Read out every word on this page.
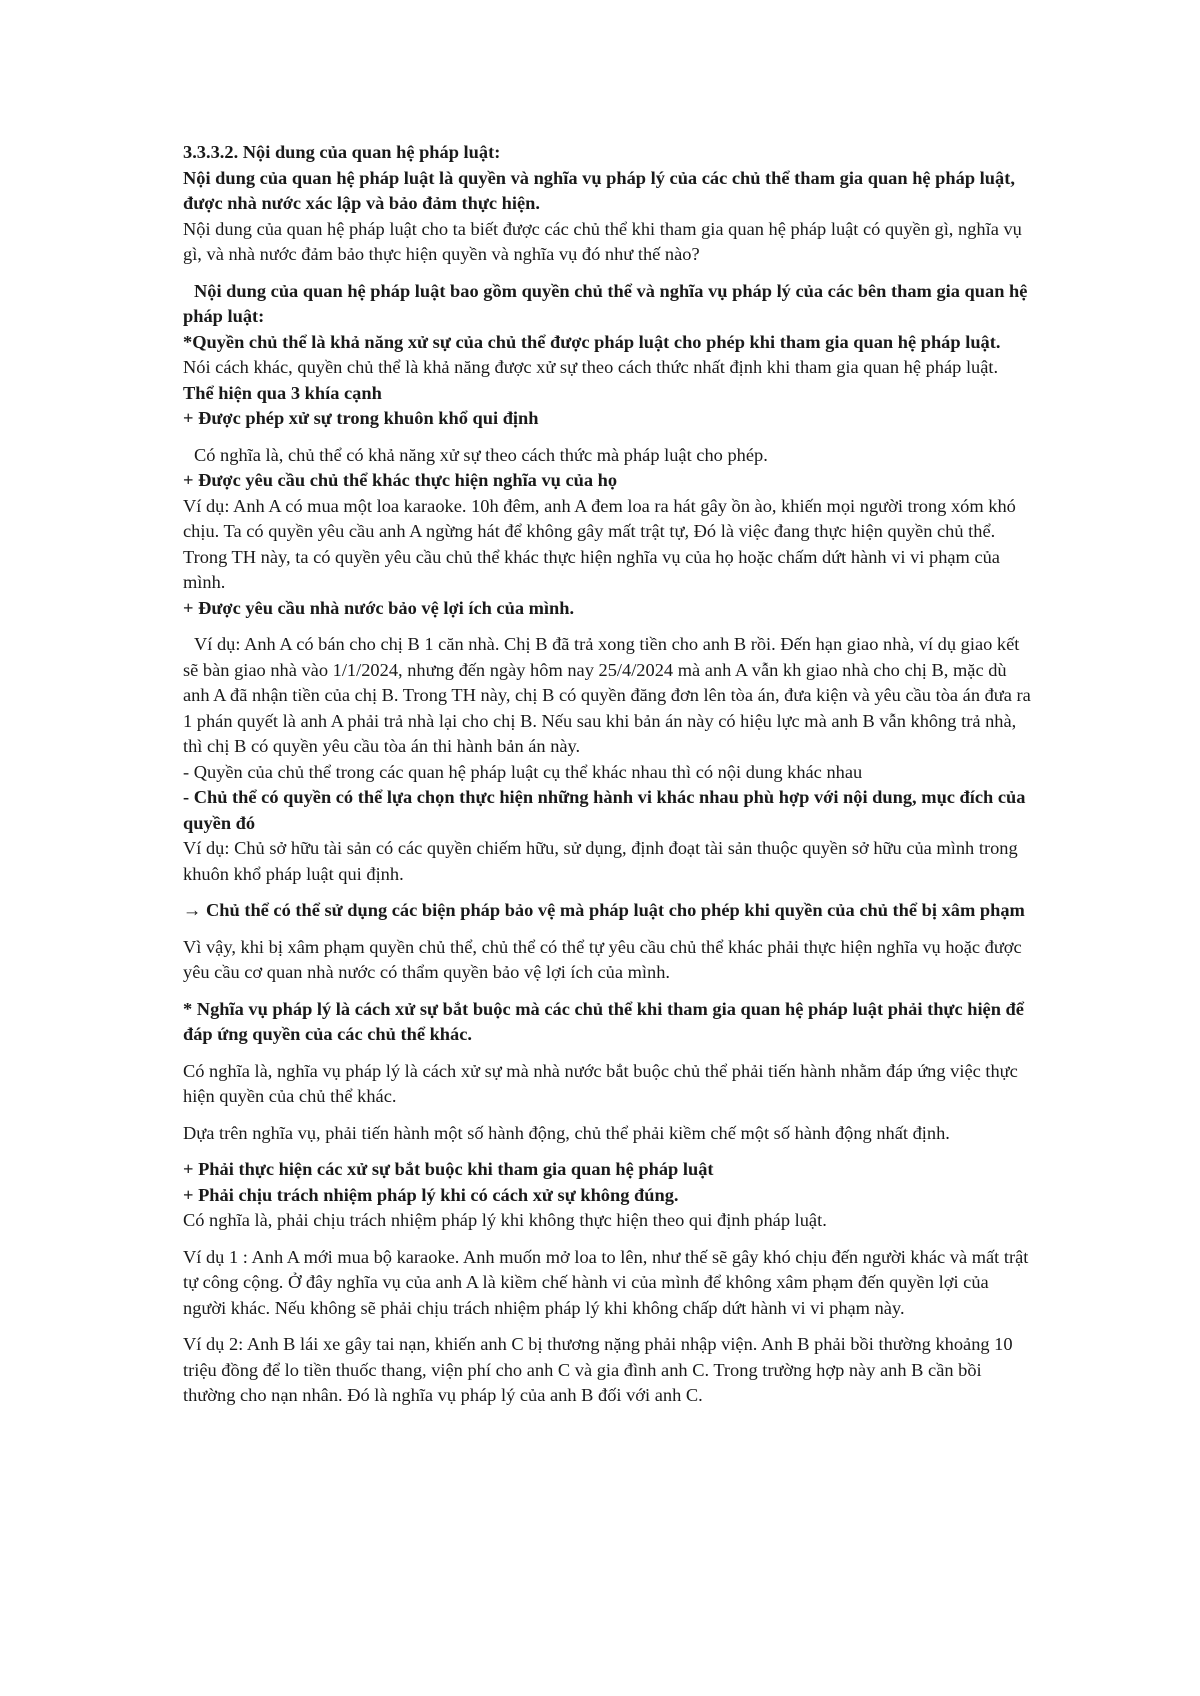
3.3.3.2. Nội dung của quan hệ pháp luật:

Nội dung của quan hệ pháp luật là quyền và nghĩa vụ pháp lý của các chủ thể tham gia quan hệ pháp luật, được nhà nước xác lập và bảo đảm thực hiện.

Nội dung của quan hệ pháp luật cho ta biết được các chủ thể khi tham gia quan hệ pháp luật có quyền gì, nghĩa vụ gì, và nhà nước đảm bảo thực hiện quyền và nghĩa vụ đó như thế nào?

Nội dung của quan hệ pháp luật bao gồm quyền chủ thể và nghĩa vụ pháp lý của các bên tham gia quan hệ pháp luật:

*Quyền chủ thể là khả năng xử sự của chủ thể được pháp luật cho phép khi tham gia quan hệ pháp luật.

Nói cách khác, quyền chủ thể là khả năng được xử sự theo cách thức nhất định khi tham gia quan hệ pháp luật.

Thể hiện qua 3 khía cạnh

+ Được phép xử sự trong khuôn khổ qui định

Có nghĩa là, chủ thể có khả năng xử sự theo cách thức mà pháp luật cho phép.

+ Được yêu cầu chủ thể khác thực hiện nghĩa vụ của họ

Ví dụ: Anh A có mua một loa karaoke. 10h đêm, anh A đem loa ra hát gây ồn ào, khiến mọi người trong xóm khó chịu. Ta có quyền yêu cầu anh A ngừng hát để không gây mất trật tự, Đó là việc đang thực hiện quyền chủ thể. Trong TH này, ta có quyền yêu cầu chủ thể khác thực hiện nghĩa vụ của họ hoặc chấm dứt hành vi vi phạm của mình.

+ Được yêu cầu nhà nước bảo vệ lợi ích của mình.

Ví dụ: Anh A có bán cho chị B 1 căn nhà. Chị B đã trả xong tiền cho anh B rồi. Đến hạn giao nhà, ví dụ giao kết sẽ bàn giao nhà vào 1/1/2024, nhưng đến ngày hôm nay 25/4/2024 mà anh A vẫn kh giao nhà cho chị B, mặc dù anh A đã nhận tiền của chị B. Trong TH này, chị B có quyền đăng đơn lên tòa án, đưa kiện và yêu cầu tòa án đưa ra 1 phán quyết là anh A phải trả nhà lại cho chị B. Nếu sau khi bản án này có hiệu lực mà anh B vẫn không trả nhà, thì chị B có quyền yêu cầu tòa án thi hành bản án này.

- Quyền của chủ thể trong các quan hệ pháp luật cụ thể khác nhau thì có nội dung khác nhau

- Chủ thể có quyền có thể lựa chọn thực hiện những hành vi khác nhau phù hợp với nội dung, mục đích của quyền đó

Ví dụ: Chủ sở hữu tài sản có các quyền chiếm hữu, sử dụng, định đoạt tài sản thuộc quyền sở hữu của mình trong khuôn khổ pháp luật qui định.

→ Chủ thể có thể sử dụng các biện pháp bảo vệ mà pháp luật cho phép khi quyền của chủ thể bị xâm phạm

Vì vậy, khi bị xâm phạm quyền chủ thể, chủ thể có thể tự yêu cầu chủ thể khác phải thực hiện nghĩa vụ hoặc được yêu cầu cơ quan nhà nước có thẩm quyền bảo vệ lợi ích của mình.

* Nghĩa vụ pháp lý là cách xử sự bắt buộc mà các chủ thể khi tham gia quan hệ pháp luật phải thực hiện để đáp ứng quyền của các chủ thể khác.

Có nghĩa là, nghĩa vụ pháp lý là cách xử sự mà nhà nước bắt buộc chủ thể phải tiến hành nhằm đáp ứng việc thực hiện quyền của chủ thể khác.

Dựa trên nghĩa vụ, phải tiến hành một số hành động, chủ thể phải kiềm chế một số hành động nhất định.

+ Phải thực hiện các xử sự bắt buộc khi tham gia quan hệ pháp luật

+ Phải chịu trách nhiệm pháp lý khi có cách xử sự không đúng.

Có nghĩa là, phải chịu trách nhiệm pháp lý khi không thực hiện theo qui định pháp luật.

Ví dụ 1 : Anh A mới mua bộ karaoke. Anh muốn mở loa to lên, như thế sẽ gây khó chịu đến người khác và mất trật tự công cộng. Ở đây nghĩa vụ của anh A là kiềm chế hành vi của mình để không xâm phạm đến quyền lợi của người khác. Nếu không sẽ phải chịu trách nhiệm pháp lý khi không chấp dứt hành vi vi phạm này.

Ví dụ 2: Anh B lái xe gây tai nạn, khiến anh C bị thương nặng phải nhập viện. Anh B phải bồi thường khoảng 10 triệu đồng để lo tiền thuốc thang, viện phí cho anh C và gia đình anh C. Trong trường hợp này anh B cần bồi thường cho nạn nhân. Đó là nghĩa vụ pháp lý của anh B đối với anh C.
